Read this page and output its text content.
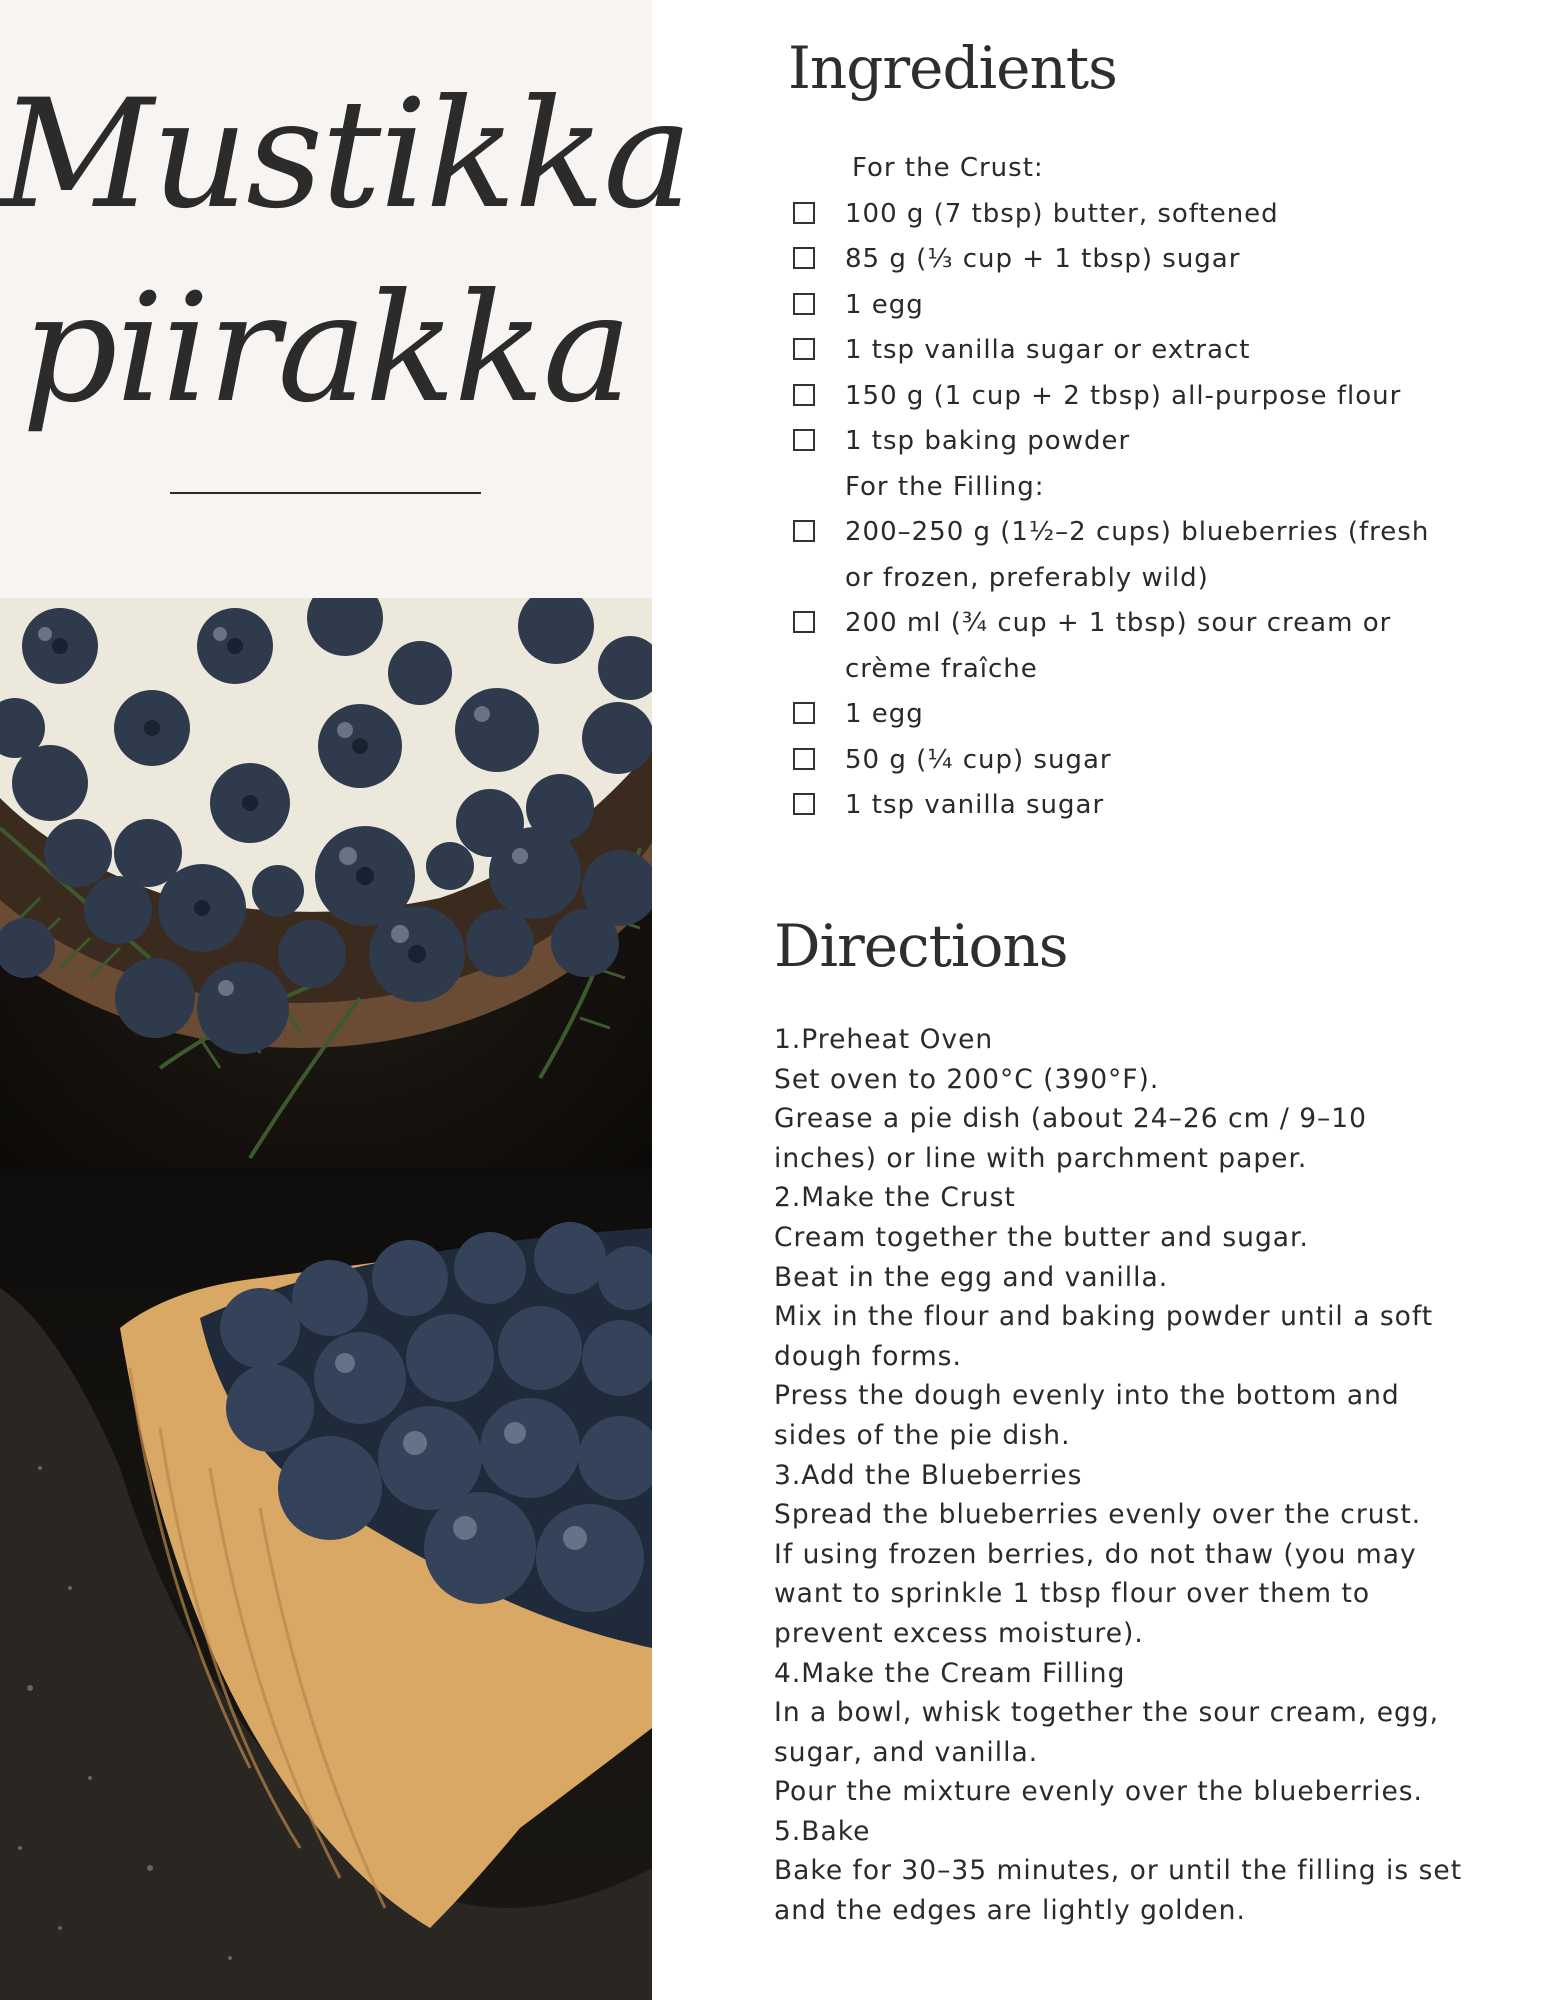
Mustikka
piirakka
Ingredients
For the Crust:
100 g (7 tbsp) butter, softened
85 g (⅓ cup + 1 tbsp) sugar
1 egg
1 tsp vanilla sugar or extract
150 g (1 cup + 2 tbsp) all-purpose flour
1 tsp baking powder
For the Filling:
200–250 g (1½–2 cups) blueberries (fresh
or frozen, preferably wild)
200 ml (¾ cup + 1 tbsp) sour cream or
crème fraîche
1 egg
50 g (¼ cup) sugar
1 tsp vanilla sugar
Directions
1.Preheat Oven
Set oven to 200°C (390°F).
Grease a pie dish (about 24–26 cm / 9–10
inches) or line with parchment paper.
2.Make the Crust
Cream together the butter and sugar.
Beat in the egg and vanilla.
Mix in the flour and baking powder until a soft
dough forms.
Press the dough evenly into the bottom and
sides of the pie dish.
3.Add the Blueberries
Spread the blueberries evenly over the crust.
If using frozen berries, do not thaw (you may
want to sprinkle 1 tbsp flour over them to
prevent excess moisture).
4.Make the Cream Filling
In a bowl, whisk together the sour cream, egg,
sugar, and vanilla.
Pour the mixture evenly over the blueberries.
5.Bake
Bake for 30–35 minutes, or until the filling is set
and the edges are lightly golden.
